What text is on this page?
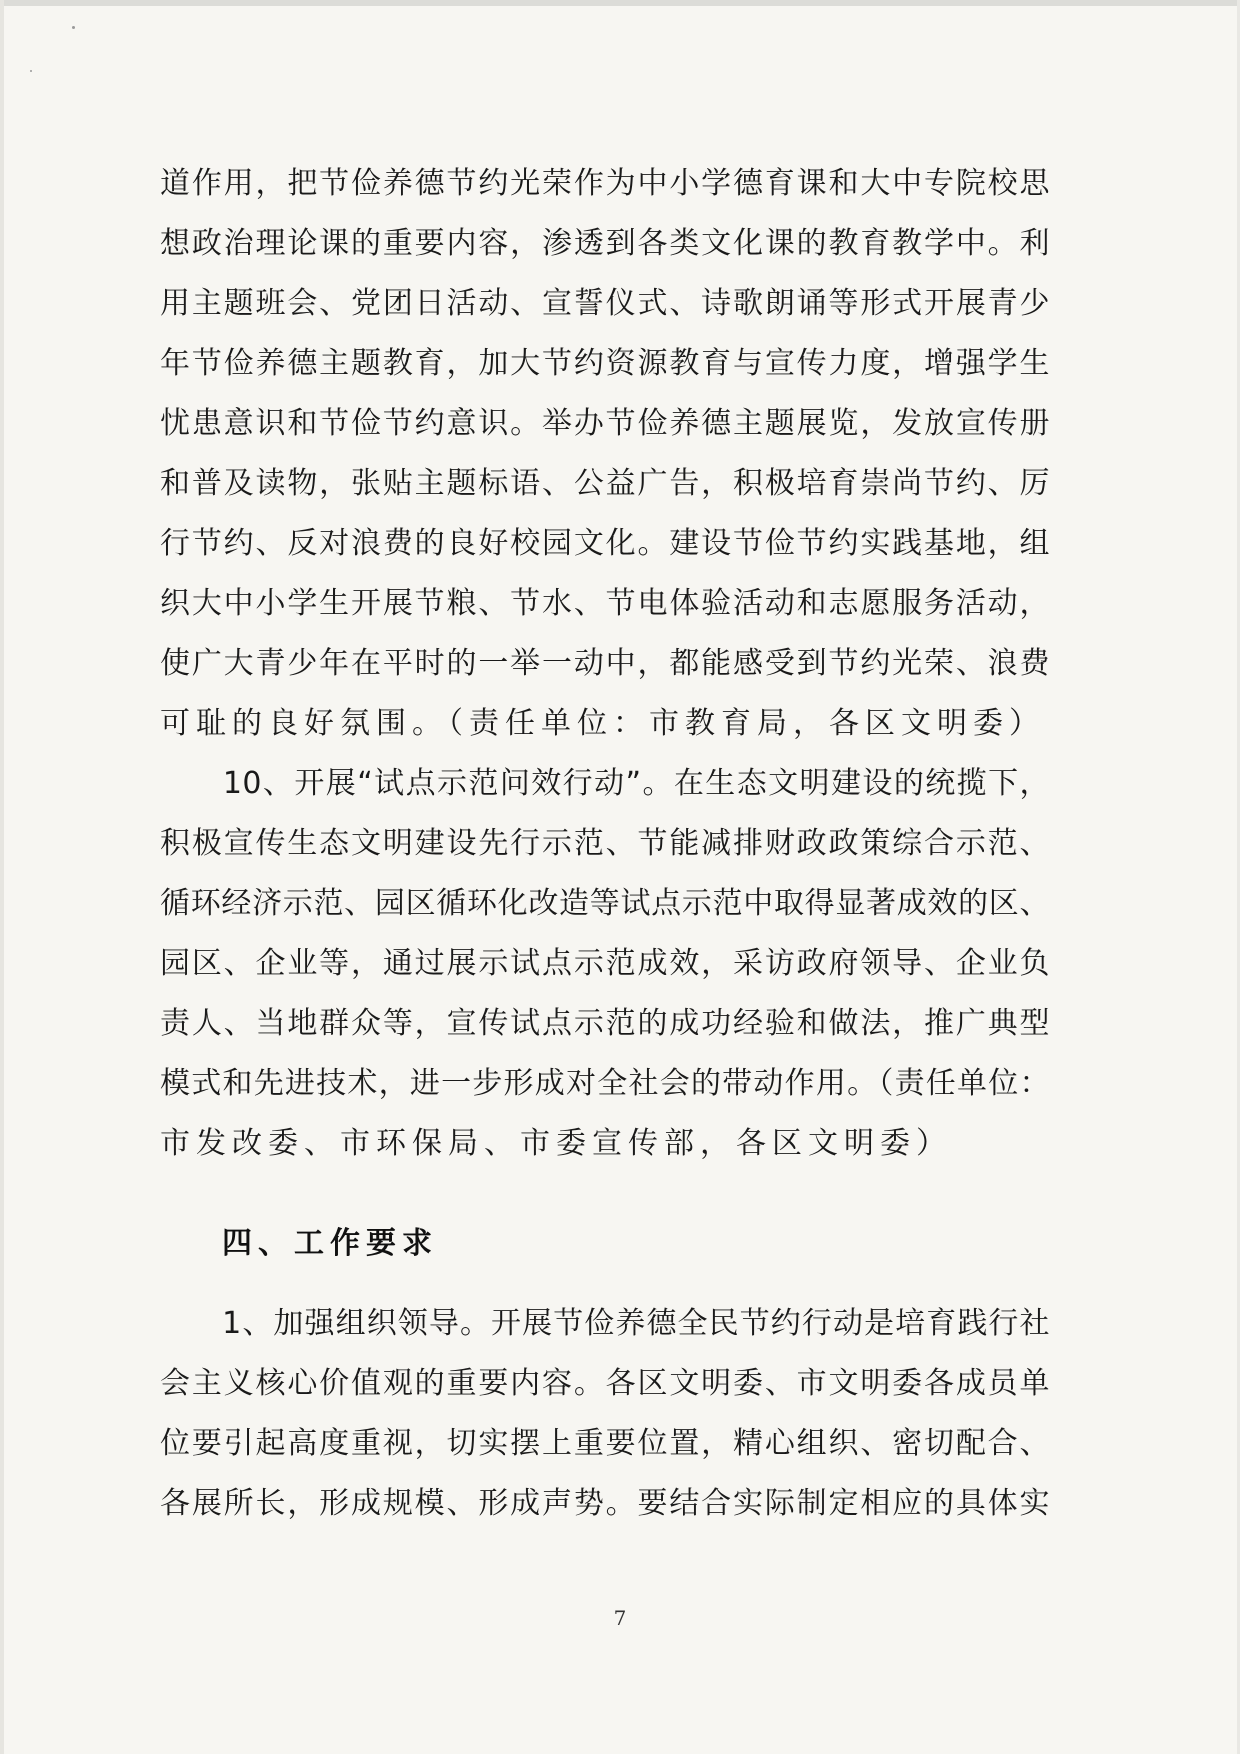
道作用，把节俭养德节约光荣作为中小学德育课和大中专院校思
想政治理论课的重要内容，渗透到各类文化课的教育教学中。利
用主题班会、党团日活动、宣誓仪式、诗歌朗诵等形式开展青少
年节俭养德主题教育，加大节约资源教育与宣传力度，增强学生
忧患意识和节俭节约意识。举办节俭养德主题展览，发放宣传册
和普及读物，张贴主题标语、公益广告，积极培育崇尚节约、厉
行节约、反对浪费的良好校园文化。建设节俭节约实践基地，组
织大中小学生开展节粮、节水、节电体验活动和志愿服务活动，
使广大青少年在平时的一举一动中，都能感受到节约光荣、浪费
可耻的良好氛围。（责任单位：市教育局，各区文明委）
　　10、开展“试点示范问效行动”。在生态文明建设的统揽下，
积极宣传生态文明建设先行示范、节能减排财政政策综合示范、
循环经济示范、园区循环化改造等试点示范中取得显著成效的区、
园区、企业等，通过展示试点示范成效，采访政府领导、企业负
责人、当地群众等，宣传试点示范的成功经验和做法，推广典型
模式和先进技术，进一步形成对全社会的带动作用。（责任单位：
市发改委、市环保局、市委宣传部，各区文明委）
　　1、加强组织领导。开展节俭养德全民节约行动是培育践行社
会主义核心价值观的重要内容。各区文明委、市文明委各成员单
位要引起高度重视，切实摆上重要位置，精心组织、密切配合、
各展所长，形成规模、形成声势。要结合实际制定相应的具体实
四、工作要求
7
